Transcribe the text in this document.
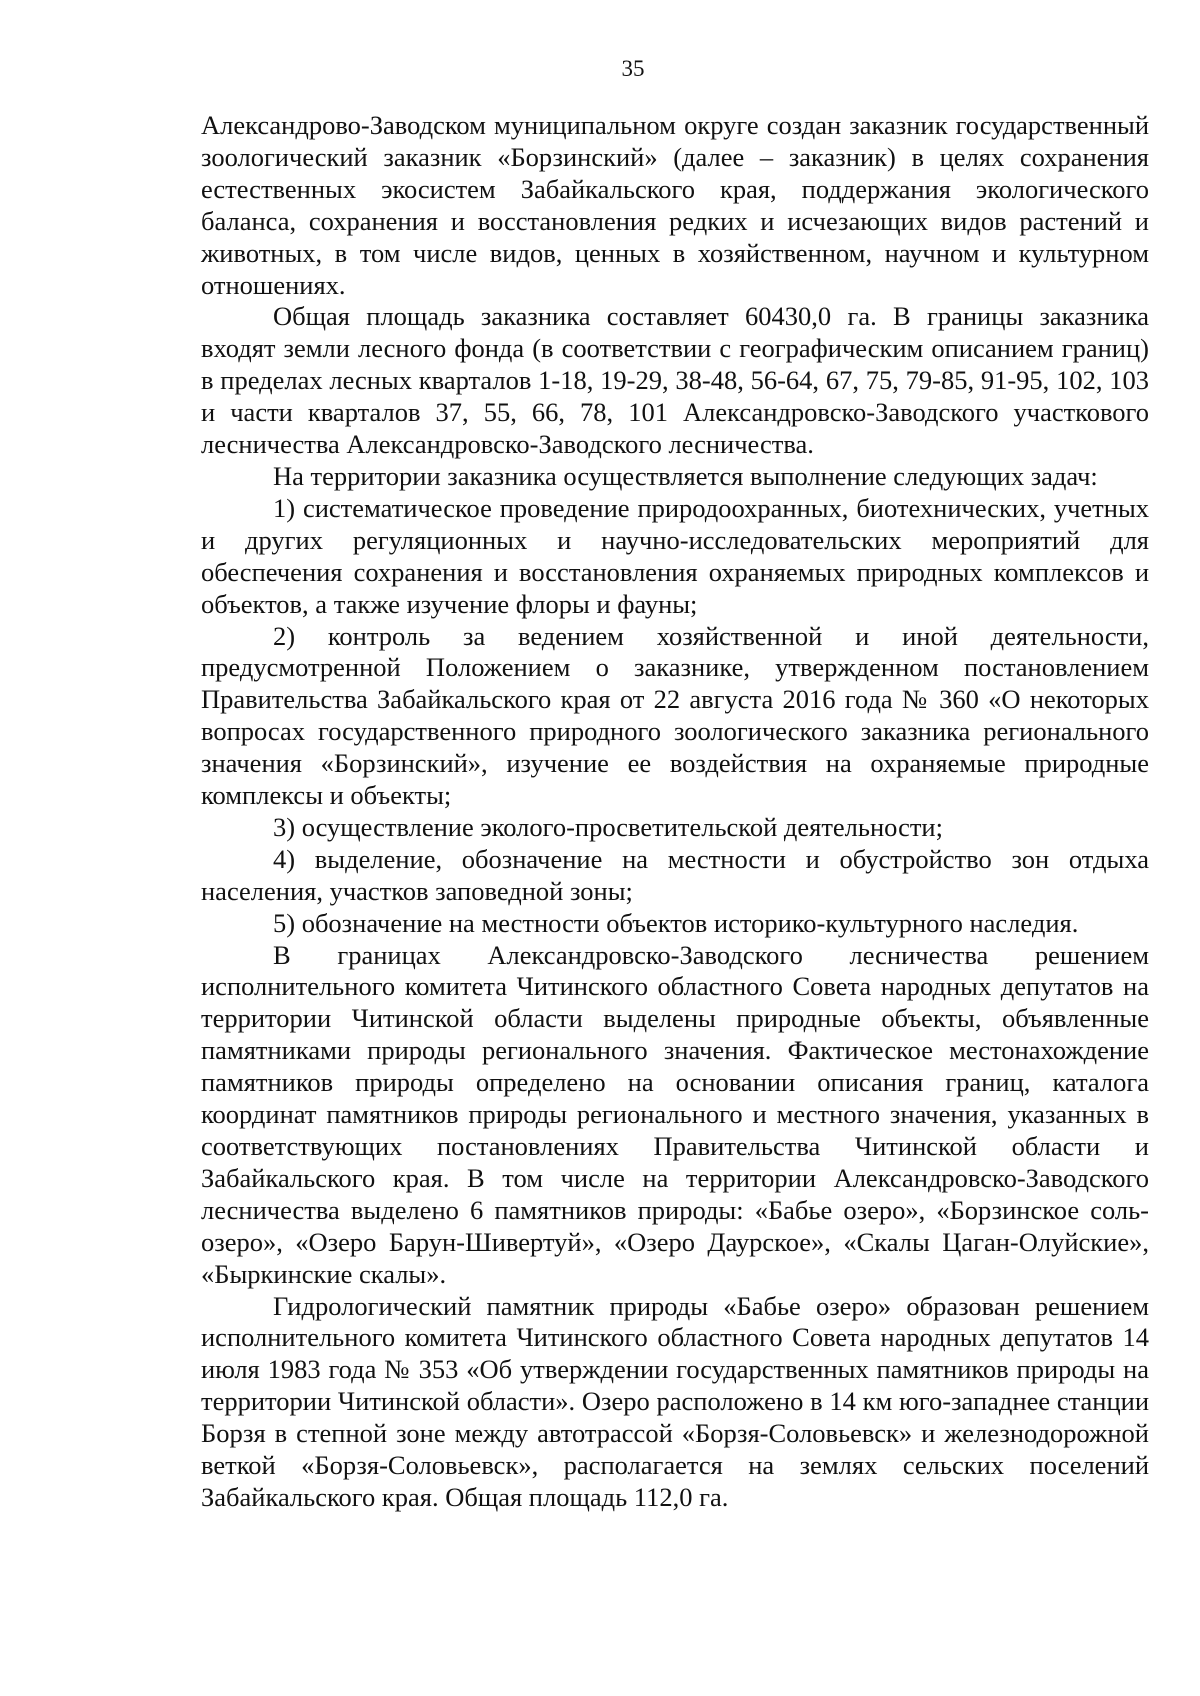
35

Александрово-Заводском муниципальном округе создан заказник государственный зоологический заказник «Борзинский» (далее – заказник) в целях сохранения естественных экосистем Забайкальского края, поддержания экологического баланса, сохранения и восстановления редких и исчезающих видов растений и животных, в том числе видов, ценных в хозяйственном, научном и культурном отношениях.

Общая площадь заказника составляет 60430,0 га. В границы заказника входят земли лесного фонда (в соответствии с географическим описанием границ) в пределах лесных кварталов 1-18, 19-29, 38-48, 56-64, 67, 75, 79-85, 91-95, 102, 103 и части кварталов 37, 55, 66, 78, 101 Александровско-Заводского участкового лесничества Александровско-Заводского лесничества.

На территории заказника осуществляется выполнение следующих задач:

1) систематическое проведение природоохранных, биотехнических, учетных и других регуляционных и научно-исследовательских мероприятий для обеспечения сохранения и восстановления охраняемых природных комплексов и объектов, а также изучение флоры и фауны;

2) контроль за ведением хозяйственной и иной деятельности, предусмотренной Положением о заказнике, утвержденном постановлением Правительства Забайкальского края от 22 августа 2016 года № 360 «О некоторых вопросах государственного природного зоологического заказника регионального значения «Борзинский», изучение ее воздействия на охраняемые природные комплексы и объекты;

3) осуществление эколого-просветительской деятельности;

4) выделение, обозначение на местности и обустройство зон отдыха населения, участков заповедной зоны;

5) обозначение на местности объектов историко-культурного наследия.

В границах Александровско-Заводского лесничества решением исполнительного комитета Читинского областного Совета народных депутатов на территории Читинской области выделены природные объекты, объявленные памятниками природы регионального значения. Фактическое местонахождение памятников природы определено на основании описания границ, каталога координат памятников природы регионального и местного значения, указанных в соответствующих постановлениях Правительства Читинской области и Забайкальского края. В том числе на территории Александровско-Заводского лесничества выделено 6 памятников природы: «Бабье озеро», «Борзинское соль-озеро», «Озеро Барун-Шивертуй», «Озеро Даурское», «Скалы Цаган-Олуйские», «Быркинские скалы».

Гидрологический памятник природы «Бабье озеро» образован решением исполнительного комитета Читинского областного Совета народных депутатов 14 июля 1983 года № 353 «Об утверждении государственных памятников природы на территории Читинской области». Озеро расположено в 14 км юго-западнее станции Борзя в степной зоне между автотрассой «Борзя-Соловьевск» и железнодорожной веткой «Борзя-Соловьевск», располагается на землях сельских поселений Забайкальского края. Общая площадь 112,0 га.
